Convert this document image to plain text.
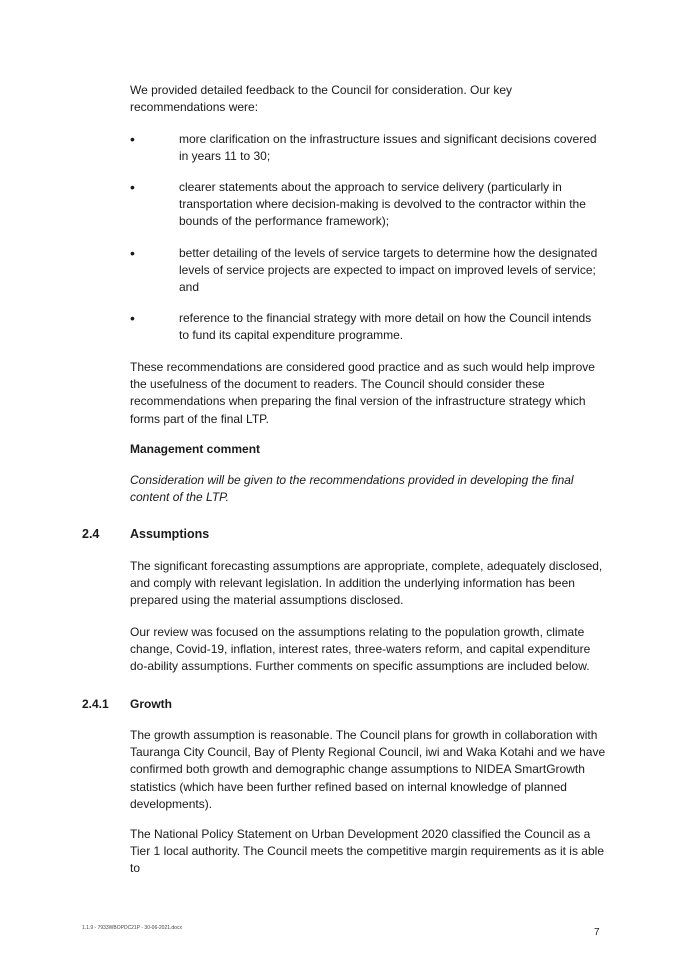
We provided detailed feedback to the Council for consideration. Our key recommendations were:

•	more clarification on the infrastructure issues and significant decisions covered in years 11 to 30;
•	clearer statements about the approach to service delivery (particularly in transportation where decision-making is devolved to the contractor within the bounds of the performance framework);
•	better detailing of the levels of service targets to determine how the designated levels of service projects are expected to impact on improved levels of service; and
•	reference to the financial strategy with more detail on how the Council intends to fund its capital expenditure programme.

These recommendations are considered good practice and as such would help improve the usefulness of the document to readers. The Council should consider these recommendations when preparing the final version of the infrastructure strategy which forms part of the final LTP.

Management comment

Consideration will be given to the recommendations provided in developing the final content of the LTP.

2.4 Assumptions

The significant forecasting assumptions are appropriate, complete, adequately disclosed, and comply with relevant legislation. In addition the underlying information has been prepared using the material assumptions disclosed.

Our review was focused on the assumptions relating to the population growth, climate change, Covid-19, inflation, interest rates, three-waters reform, and capital expenditure do-ability assumptions. Further comments on specific assumptions are included below.

2.4.1 Growth

The growth assumption is reasonable. The Council plans for growth in collaboration with Tauranga City Council, Bay of Plenty Regional Council, iwi and Waka Kotahi and we have confirmed both growth and demographic change assumptions to NIDEA SmartGrowth statistics (which have been further refined based on internal knowledge of planned developments).

The National Policy Statement on Urban Development 2020 classified the Council as a Tier 1 local authority. The Council meets the competitive margin requirements as it is able to

1.1.9 - 7933WBOPDC21P - 30-06-2021.docx	7
